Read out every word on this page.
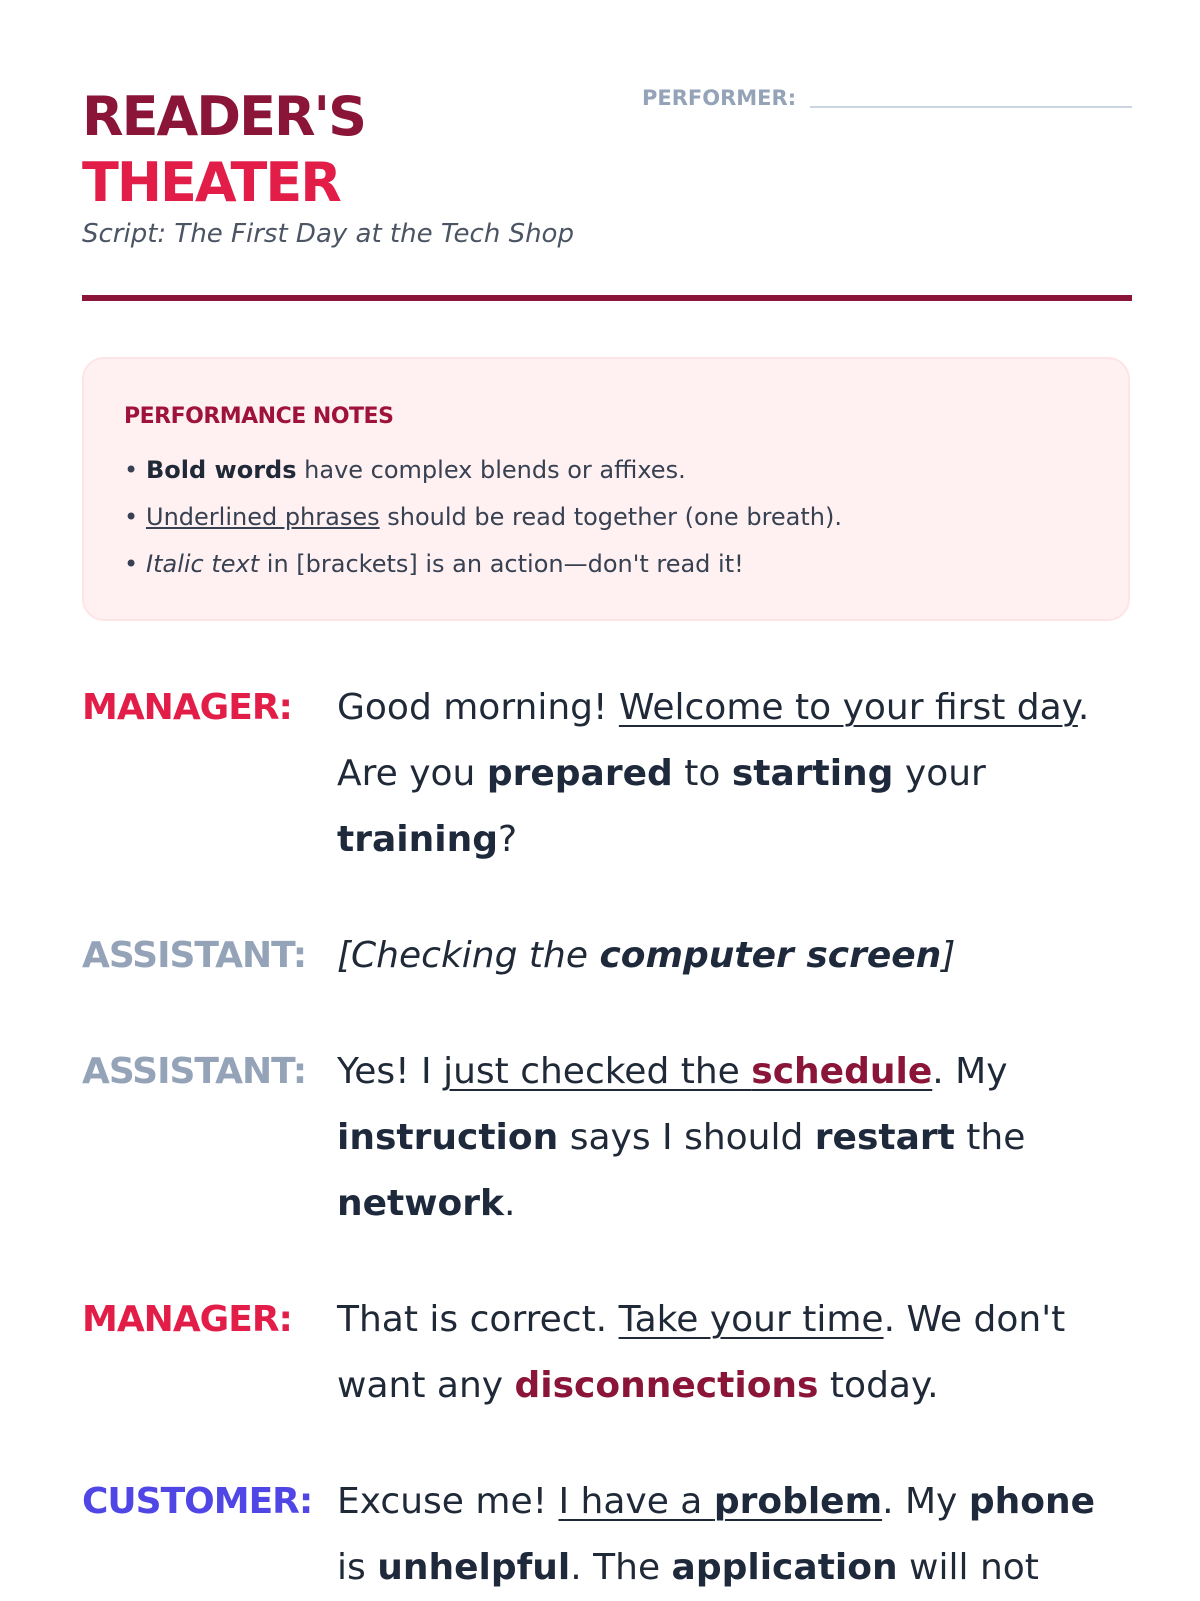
READER'S
THEATER
Script: The First Day at the Tech Shop
PERFORMER:
PERFORMANCE NOTES
• Bold words have complex blends or affixes.
• Underlined phrases should be read together (one breath).
• Italic text in [brackets] is an action—don't read it!
MANAGER:	Good morning! Welcome to your first day. Are you prepared to starting your training?
ASSISTANT: [Checking the computer screen]
ASSISTANT: Yes! I just checked the schedule. My instruction says I should restart the network.
MANAGER:	That is correct. Take your time. We don't want any disconnections today.
CUSTOMER: Excuse me! I have a problem. My phone is unhelpful. The application will not
